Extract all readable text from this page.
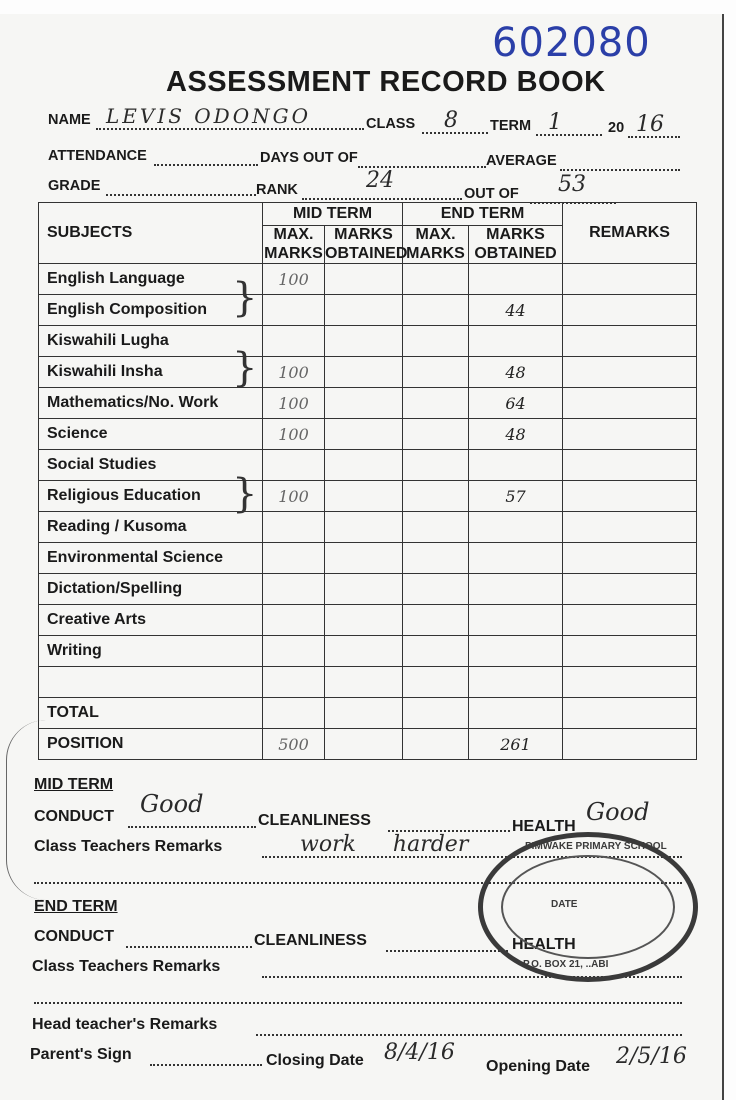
602080
ASSESSMENT RECORD BOOK
NAME LEVIS ODONGO	CLASS 8 TERM 1	20 16
ATTENDANCE	DAYS OUT OF	AVERAGE
GRADE	RANK	24
OUT OF 53
SUBJECTS	MID TERM		END TERM		REMARKS
	MAX. MARKS	MARKS OBTAINED	MAX. MARKS	MARKS OBTAINED	
English Language	100				
English Composition				44	
Kiswahili Lugha					
Kiswahili Insha	100			48	
Mathematics/No. Work	100			64	
Science	100			48	
Social Studies					
Religious Education	100			57	
Reading / Kusoma					
Environmental Science					
Dictation/Spelling					
Creative Arts					
Writing					

TOTAL					
POSITION	500			261	
}
}
}
MID TERM
CONDUCT Good
CLEANLINESS	HEALTH
Good
Class Teachers Remarks	work harder
END TERM
CONDUCT	CLEANLINESS	HEALTH
Class Teachers Remarks
Head teacher's Remarks
Parent's Sign	Closing Date 8/4/16
Opening Date 2/5/16
PIMWAKE PRIMARY SCHOOL
DATE
P.O. BOX 21, ..ABI
